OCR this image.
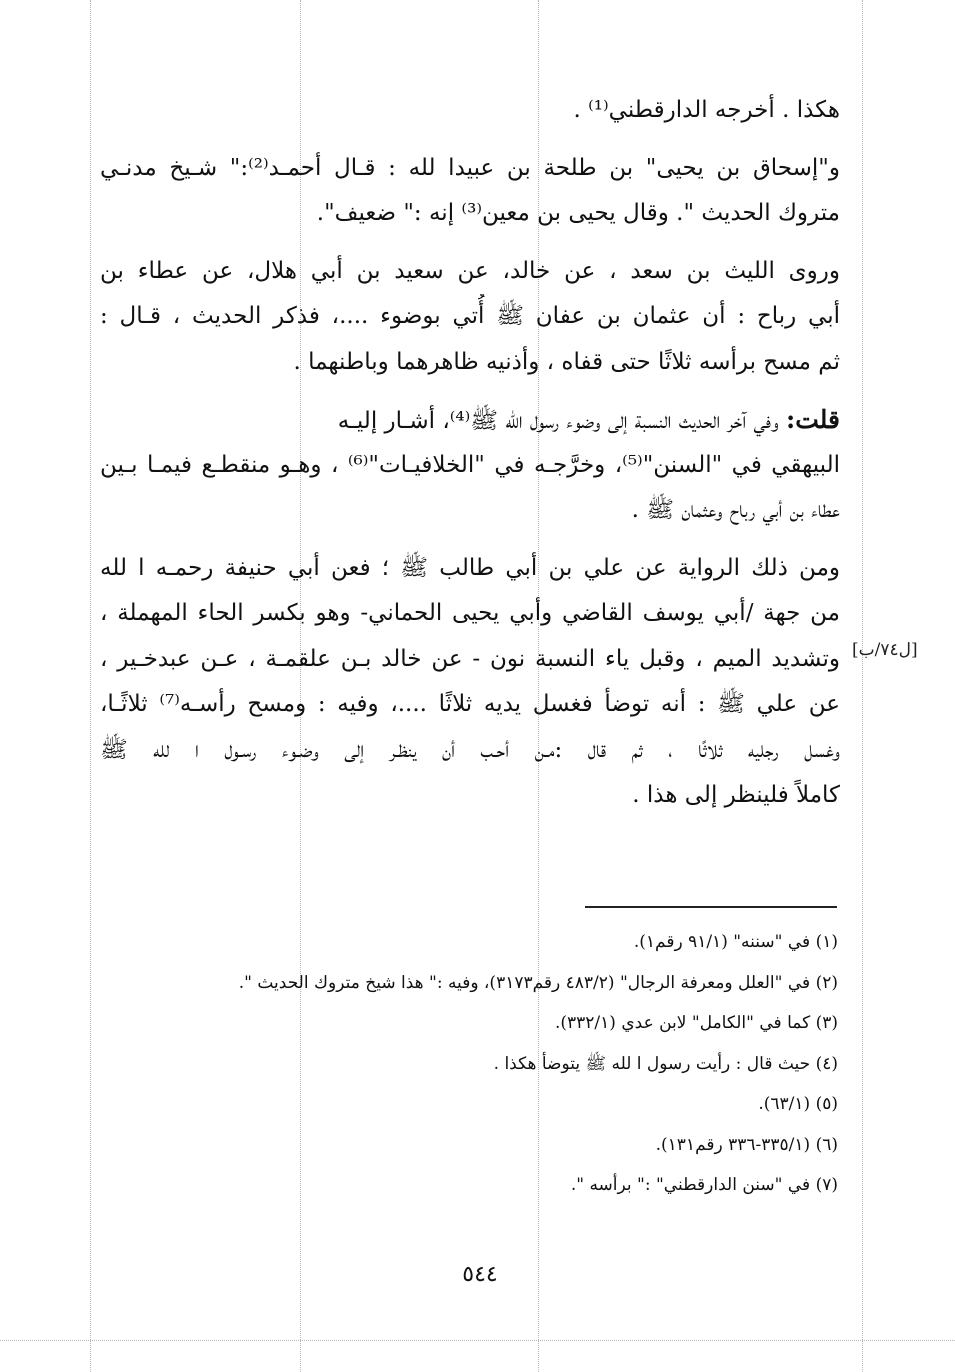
هكذا . أخرجه الدارقطني⁽¹⁾ .
و"إسحاق بن يحيى" بن طلحة بن عبيدا لله : قـال أحمـد⁽²⁾:" شـيخ مدنـي
متروك الحديث ". وقال يحيى بن معين⁽³⁾ إنه :" ضعيف".
وروى الليث بن سعد ، عن خالد، عن سعيد بن أبي هلال، عن عطاء بن
أبي رباح : أن عثمان بن عفان ﷺ أُتي بوضوء ....، فذكر الحديث ، قـال :
ثم مسح برأسه ثلاثًا حتى قفاه ، وأذنيه ظاهرهما وباطنهما .
قلت: وفي آخر الحديث النسبة إلى وضوء رسول الله ﷺ⁽⁴⁾، أشـار إليـه
البيهقي في "السنن"⁽⁵⁾، وخرَّجـه في "الخلافيـات"⁽⁶⁾ ، وهـو منقطـع فيمـا بـين
عطاء بن أبي رباح وعثمان ﷺ .
ومن ذلك الرواية عن علي بن أبي طالب ﷺ ؛ فعن أبي حنيفة رحمـه ا لله
من جهة /أبي يوسف القاضي وأبي يحيى الحماني- وهو بكسر الحاء المهملة ،
وتشديد الميم ، وقبل ياء النسبة نون - عن خالد بـن علقمـة ، عـن عبدخـير ،
عن علي ﷺ : أنه توضأ فغسل يديه ثلاثًا ....، وفيه : ومسح رأسـه⁽⁷⁾ ثلاثًـا،
وغسل رجليه ثلاثًا ، ثم قال :مـن أحـب أن ينظـر إلى وضـوء رسـول ا لله ﷺ
كاملاً فلينظر إلى هذا .
[ل٧٤/ب]
(١) في "سننه" (٩١/١ رقم١).
(٢) في "العلل ومعرفة الرجال" (٤٨٣/٢ رقم٣١٧٣)، وفيه :" هذا شيخ متروك الحديث ".
(٣) كما في "الكامل" لابن عدي (٣٣٢/١).
(٤) حيث قال : رأيت رسول ا لله ﷺ يتوضأ هكذا .
(٥) (٦٣/١).
(٦) (٣٣٥/١-٣٣٦ رقم١٣١).
(٧) في "سنن الدارقطني" :" برأسه ".
٥٤٤
